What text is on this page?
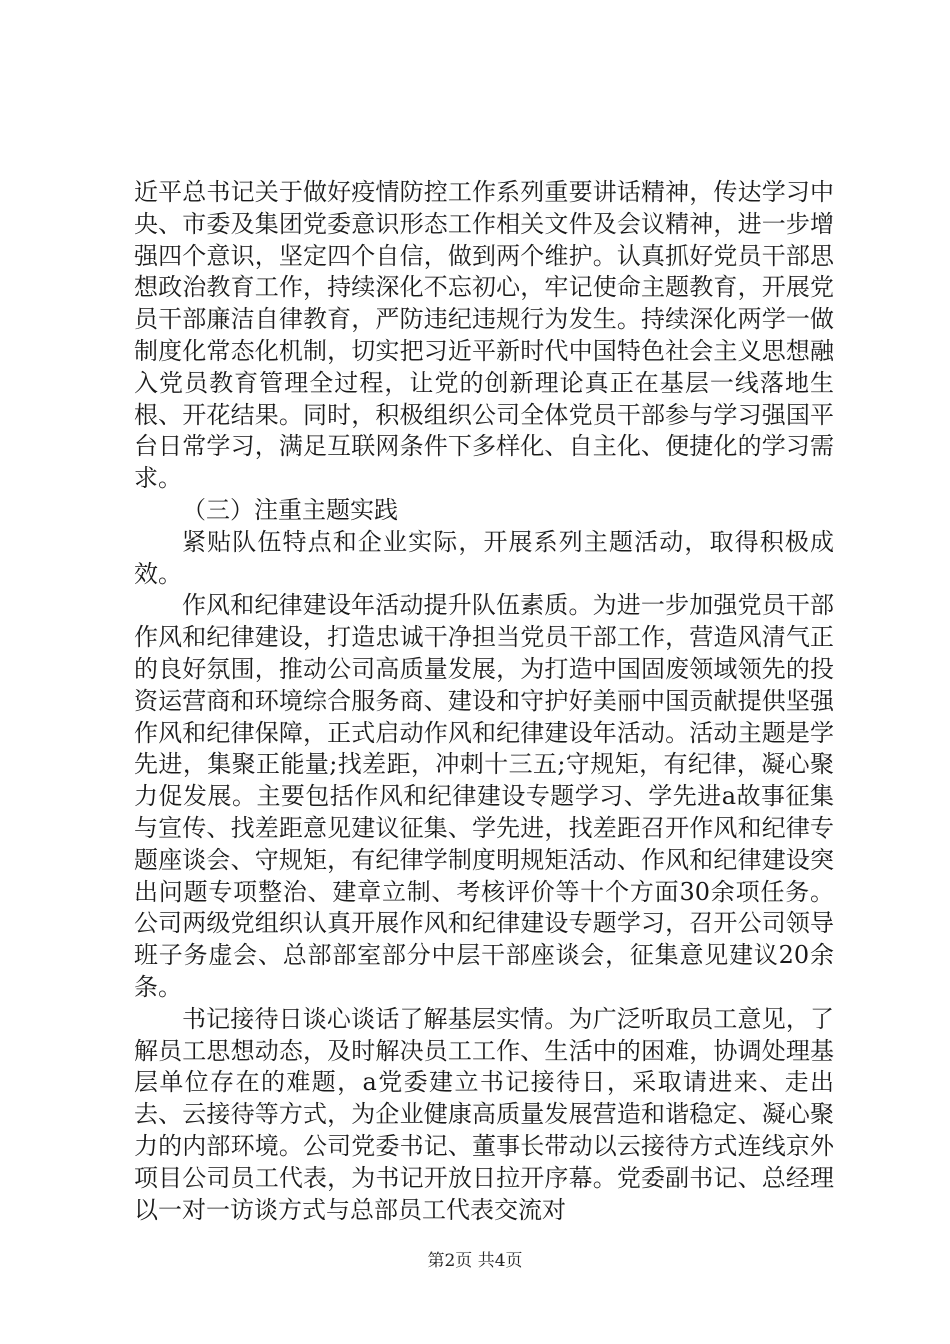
近平总书记关于做好疫情防控工作系列重要讲话精神，传达学习中央、市委及集团党委意识形态工作相关文件及会议精神，进一步增强四个意识，坚定四个自信，做到两个维护。认真抓好党员干部思想政治教育工作，持续深化不忘初心，牢记使命主题教育，开展党员干部廉洁自律教育，严防违纪违规行为发生。持续深化两学一做制度化常态化机制，切实把习近平新时代中国特色社会主义思想融入党员教育管理全过程，让党的创新理论真正在基层一线落地生根、开花结果。同时，积极组织公司全体党员干部参与学习强国平台日常学习，满足互联网条件下多样化、自主化、便捷化的学习需求。

（三）注重主题实践

紧贴队伍特点和企业实际，开展系列主题活动，取得积极成效。

作风和纪律建设年活动提升队伍素质。为进一步加强党员干部作风和纪律建设，打造忠诚干净担当党员干部工作，营造风清气正的良好氛围，推动公司高质量发展，为打造中国固废领域领先的投资运营商和环境综合服务商、建设和守护好美丽中国贡献提供坚强作风和纪律保障，正式启动作风和纪律建设年活动。活动主题是学先进，集聚正能量;找差距，冲刺十三五;守规矩，有纪律，凝心聚力促发展。主要包括作风和纪律建设专题学习、学先进a故事征集与宣传、找差距意见建议征集、学先进，找差距召开作风和纪律专题座谈会、守规矩，有纪律学制度明规矩活动、作风和纪律建设突出问题专项整治、建章立制、考核评价等十个方面30余项任务。公司两级党组织认真开展作风和纪律建设专题学习，召开公司领导班子务虚会、总部部室部分中层干部座谈会，征集意见建议20余条。

书记接待日谈心谈话了解基层实情。为广泛听取员工意见，了解员工思想动态，及时解决员工工作、生活中的困难，协调处理基层单位存在的难题，a党委建立书记接待日，采取请进来、走出去、云接待等方式，为企业健康高质量发展营造和谐稳定、凝心聚力的内部环境。公司党委书记、董事长带动以云接待方式连线京外项目公司员工代表，为书记开放日拉开序幕。党委副书记、总经理以一对一访谈方式与总部员工代表交流对

第2页 共4页
